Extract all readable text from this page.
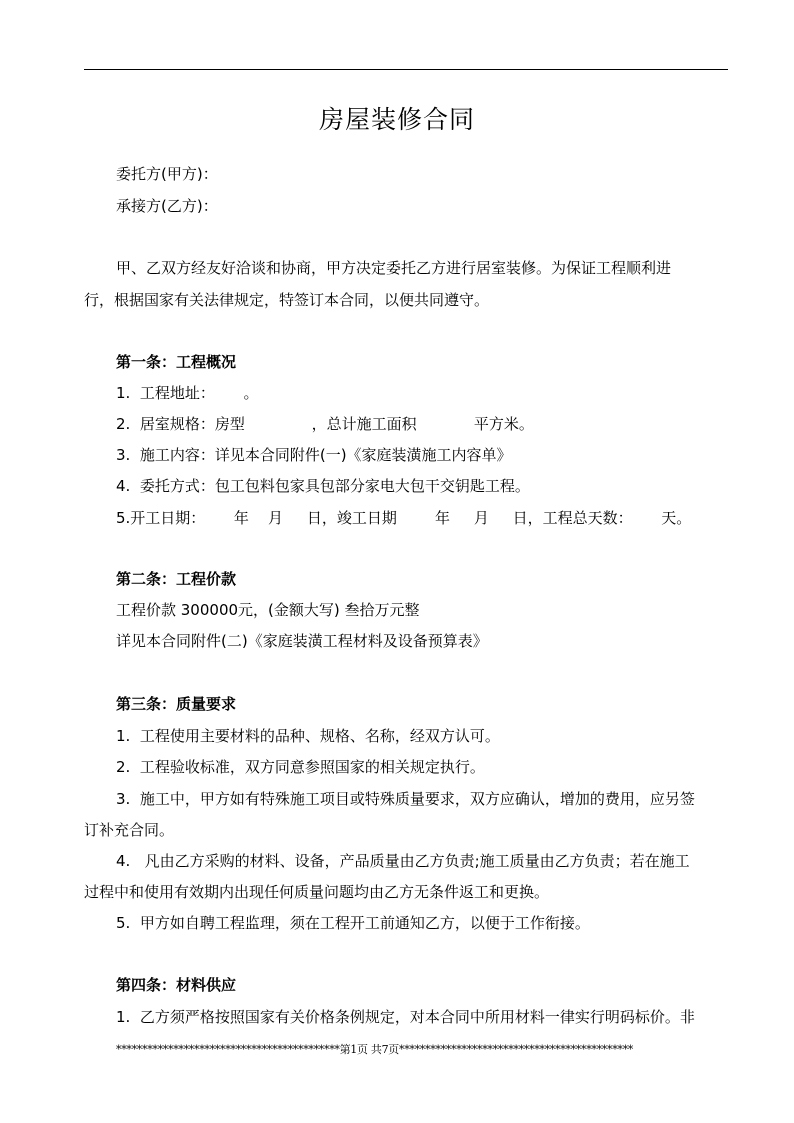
房屋装修合同
委托方(甲方)：
承接方(乙方)：
甲、乙双方经友好洽谈和协商，甲方决定委托乙方进行居室装修。为保证工程顺利进
行，根据国家有关法律规定，特签订本合同，以便共同遵守。
第一条：工程概况
1.  工程地址：      。
2.  居室规格：房型              ，总计施工面积            平方米。
3.  施工内容：详见本合同附件(一)《家庭装潢施工内容单》
4.  委托方式：包工包料包家具包部分家电大包干交钥匙工程。
5.开工日期：      年    月     日，竣工日期        年     月     日，工程总天数：      天。
第二条：工程价款
工程价款 300000元，(金额大写) 叁拾万元整
详见本合同附件(二)《家庭装潢工程材料及设备预算表》
第三条：质量要求
1.  工程使用主要材料的品种、规格、名称，经双方认可。
2.  工程验收标准，双方同意参照国家的相关规定执行。
3.  施工中，甲方如有特殊施工项目或特殊质量要求，双方应确认，增加的费用，应另签
订补充合同。
4.   凡由乙方采购的材料、设备，产品质量由乙方负责;施工质量由乙方负责；若在施工
过程中和使用有效期内出现任何质量问题均由乙方无条件返工和更换。
5.  甲方如自聘工程监理，须在工程开工前通知乙方，以便于工作衔接。
第四条：材料供应
1.  乙方须严格按照国家有关价格条例规定，对本合同中所用材料一律实行明码标价。非
*******************************************第1页 共7页*********************************************
